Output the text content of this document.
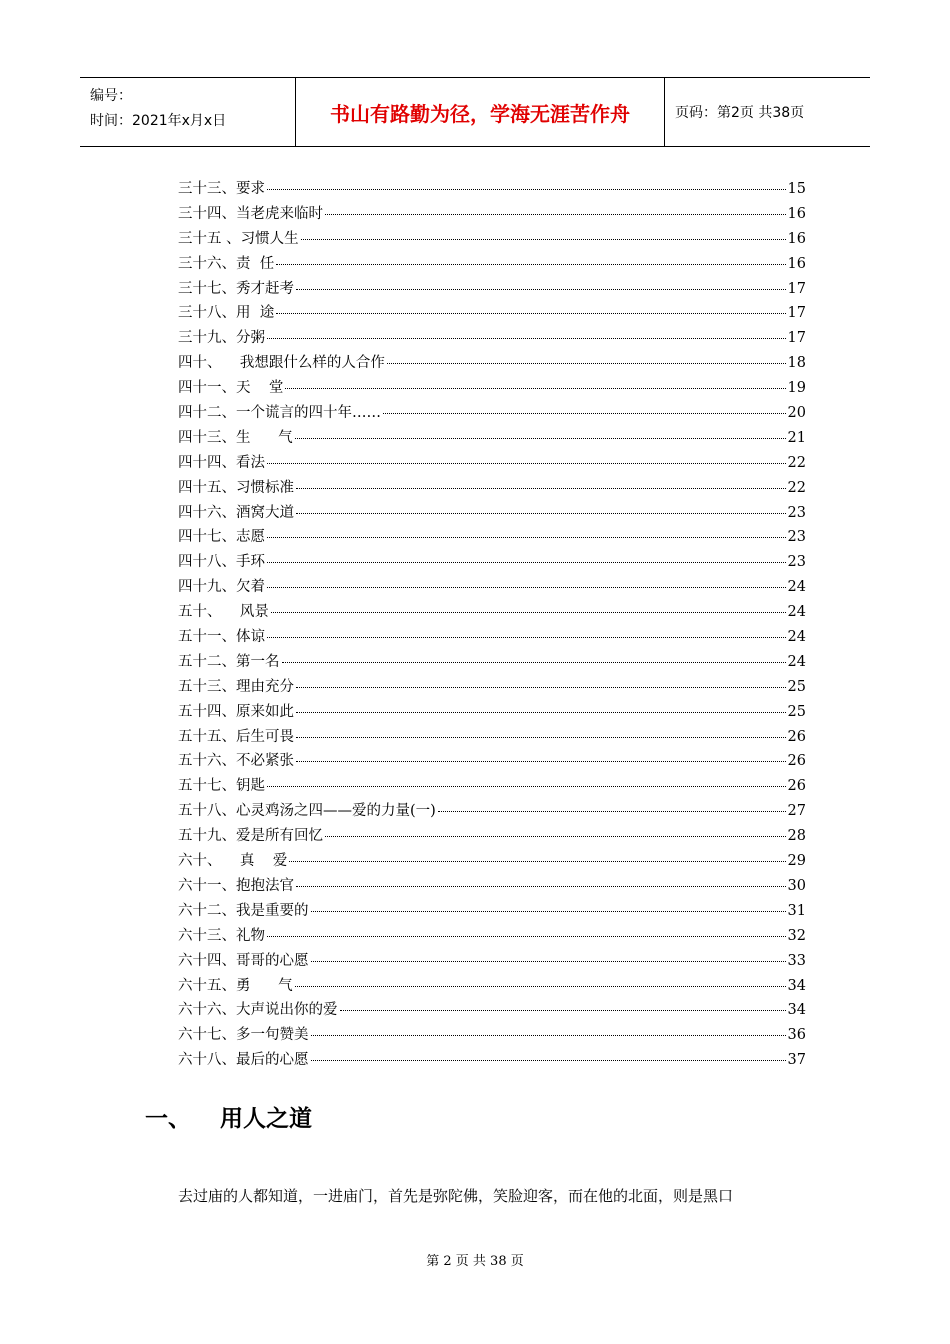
编号：
时间：2021年x月x日	书山有路勤为径，学海无涯苦作舟	页码：第2页 共38页
三十三、要求	15
三十四、当老虎来临时	16
三十五 、习惯人生	16
三十六、责  任	16
三十七、秀才赶考	17
三十八、用  途	17
三十九、分粥	17
四十、    我想跟什么样的人合作	18
四十一、天    堂	19
四十二、一个谎言的四十年……	20
四十三、生      气	21
四十四、看法	22
四十五、习惯标准	22
四十六、酒窝大道	23
四十七、志愿	23
四十八、手环	23
四十九、欠着	24
五十、    风景	24
五十一、体谅	24
五十二、第一名	24
五十三、理由充分	25
五十四、原来如此	25
五十五、后生可畏	26
五十六、不必紧张	26
五十七、钥匙	26
五十八、心灵鸡汤之四——爱的力量(一)	27
五十九、爱是所有回忆	28
六十、    真    爱	29
六十一、抱抱法官	30
六十二、我是重要的	31
六十三、礼物	32
六十四、哥哥的心愿	33
六十五、勇      气	34
六十六、大声说出你的爱	34
六十七、多一句赞美	36
六十八、最后的心愿	37
一、	用人之道
去过庙的人都知道，一进庙门，首先是弥陀佛，笑脸迎客，而在他的北面，则是黑口
第 2 页 共 38 页
